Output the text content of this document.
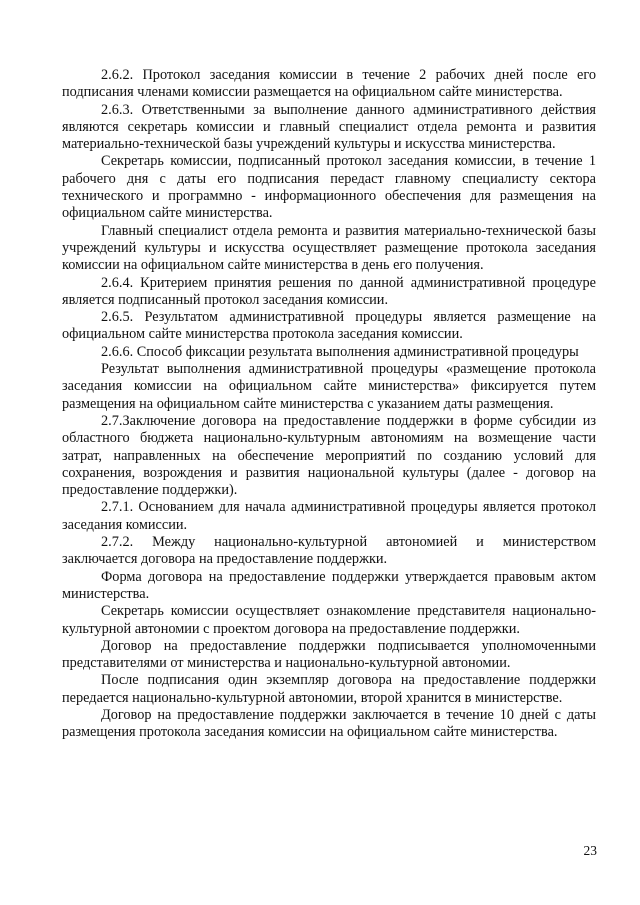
2.6.2. Протокол заседания комиссии в течение 2 рабочих дней после его подписания членами комиссии размещается на официальном сайте министерства.

2.6.3. Ответственными за выполнение данного административного действия являются секретарь комиссии и главный специалист отдела ремонта и развития материально-технической базы учреждений культуры и искусства министерства.

Секретарь комиссии, подписанный протокол заседания комиссии, в течение 1 рабочего дня с даты его подписания передаст главному специалисту сектора технического и программно - информационного обеспечения для размещения на официальном сайте министерства.

Главный специалист отдела ремонта и развития материально-технической базы учреждений культуры и искусства осуществляет размещение протокола заседания комиссии на официальном сайте министерства в день его получения.

2.6.4. Критерием принятия решения по данной административной процедуре является подписанный протокол заседания комиссии.

2.6.5. Результатом административной процедуры является размещение на официальном сайте министерства протокола заседания комиссии.

2.6.6. Способ фиксации результата выполнения административной процедуры

Результат выполнения административной процедуры «размещение протокола заседания комиссии на официальном сайте министерства» фиксируется путем размещения на официальном сайте министерства с указанием даты размещения.

2.7.Заключение договора на предоставление поддержки в форме субсидии из областного бюджета национально-культурным автономиям на возмещение части затрат, направленных на обеспечение мероприятий по созданию условий для сохранения, возрождения и развития национальной культуры (далее - договор на предоставление поддержки).

2.7.1. Основанием для начала административной процедуры является протокол заседания комиссии.

2.7.2. Между национально-культурной автономией и министерством заключается договора на предоставление поддержки.

Форма договора на предоставление поддержки утверждается правовым актом министерства.

Секретарь комиссии осуществляет ознакомление представителя национально-культурной автономии с проектом договора на предоставление поддержки.

Договор на предоставление поддержки подписывается уполномоченными представителями от министерства и национально-культурной автономии.

После подписания один экземпляр договора на предоставление поддержки передается национально-культурной автономии, второй хранится в министерстве.

Договор на предоставление поддержки заключается в течение 10 дней с даты размещения протокола заседания комиссии на официальном сайте министерства.

23
